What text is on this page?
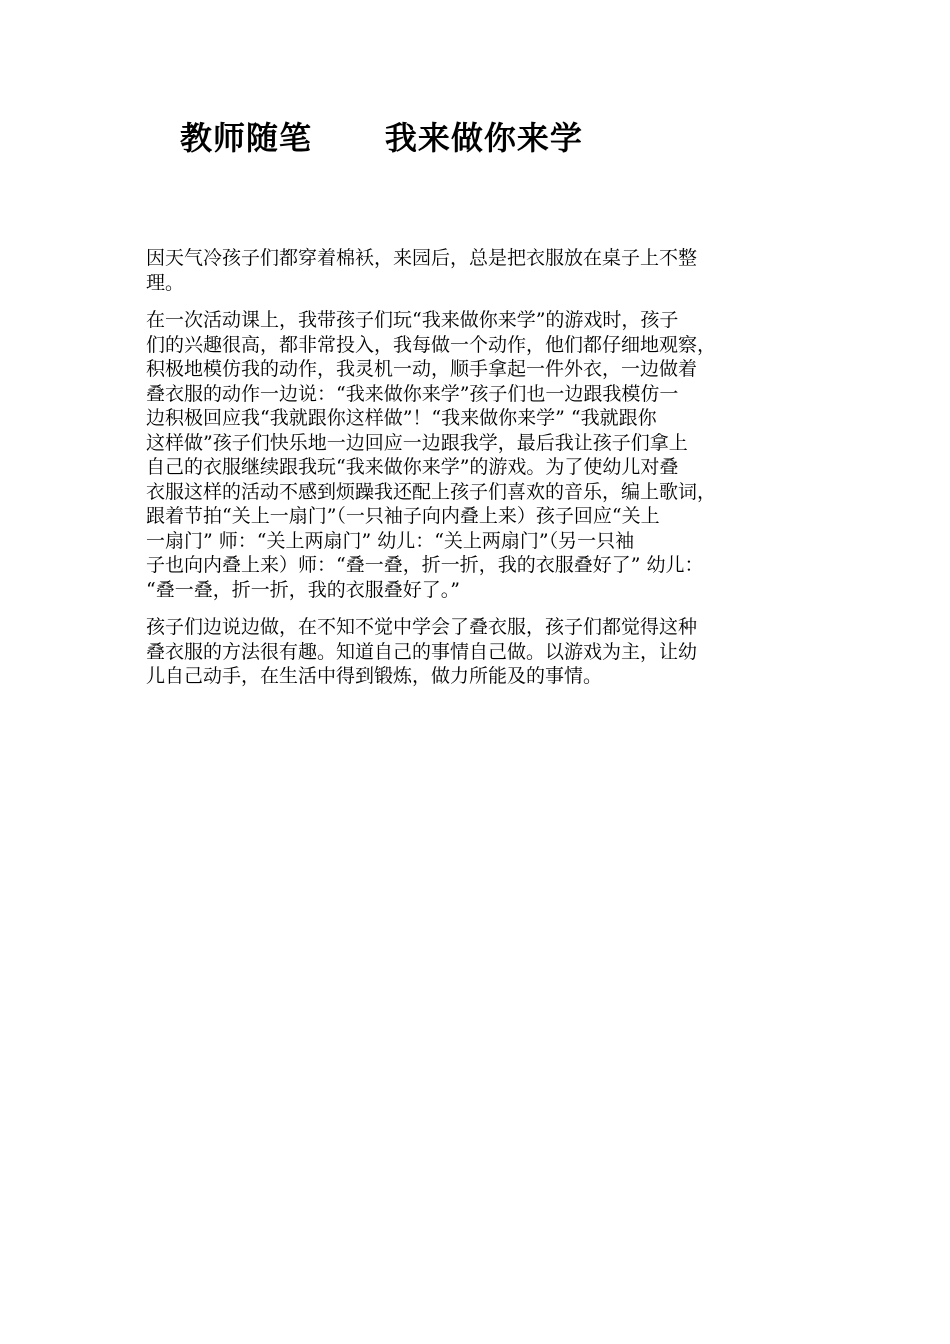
教师随笔      我来做你来学

因天气冷孩子们都穿着棉袄，来园后，总是把衣服放在桌子上不整
理。

在一次活动课上，我带孩子们玩“我来做你来学”的游戏时，孩子
们的兴趣很高，都非常投入，我每做一个动作，他们都仔细地观察，
积极地模仿我的动作，我灵机一动，顺手拿起一件外衣，一边做着
叠衣服的动作一边说：“我来做你来学”孩子们也一边跟我模仿一
边积极回应我“我就跟你这样做”！“我来做你来学” “我就跟你
这样做”孩子们快乐地一边回应一边跟我学，最后我让孩子们拿上
自己的衣服继续跟我玩“我来做你来学”的游戏。为了使幼儿对叠
衣服这样的活动不感到烦躁我还配上孩子们喜欢的音乐，编上歌词，
跟着节拍“关上一扇门”（一只袖子向内叠上来）孩子回应“关上
一扇门” 师：“关上两扇门” 幼儿：“关上两扇门”（另一只袖
子也向内叠上来）师：“叠一叠，折一折，我的衣服叠好了” 幼儿：
“叠一叠，折一折，我的衣服叠好了。”

孩子们边说边做，在不知不觉中学会了叠衣服，孩子们都觉得这种
叠衣服的方法很有趣。知道自己的事情自己做。以游戏为主，让幼
儿自己动手，在生活中得到锻炼，做力所能及的事情。
